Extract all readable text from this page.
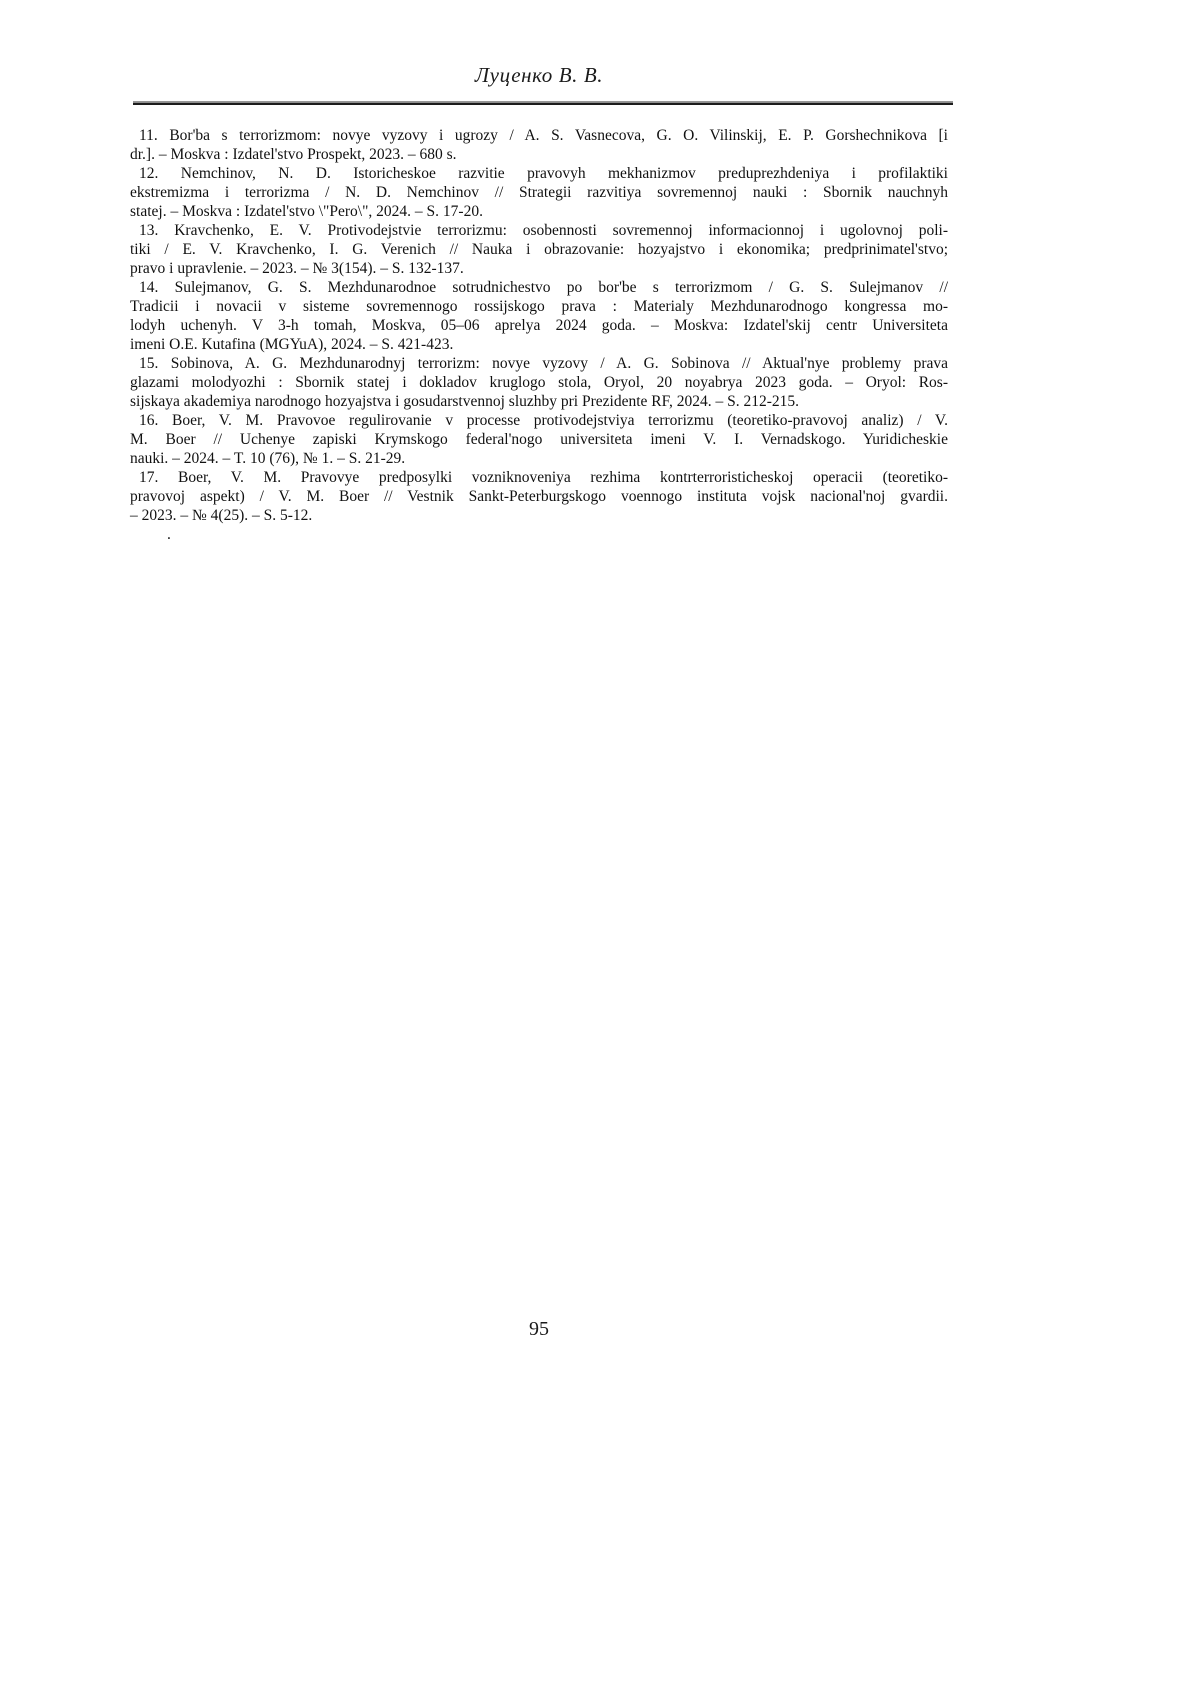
Луценко В. В.
11. Bor'ba s terrorizmom: novye vyzovy i ugrozy / A. S. Vasnecova, G. O. Vilinskij, E. P. Gorshechnikova [i
dr.]. – Moskva : Izdatel'stvo Prospekt, 2023. – 680 s.
12. Nemchinov, N. D. Istoricheskoe razvitie pravovyh mekhanizmov preduprezhdeniya i profilaktiki
ekstremizma i terrorizma / N. D. Nemchinov // Strategii razvitiya sovremennoj nauki : Sbornik nauchnyh
statej. – Moskva : Izdatel'stvo \"Pero\", 2024. – S. 17-20.
13. Kravchenko, E. V. Protivodejstvie terrorizmu: osobennosti sovremennoj informacionnoj i ugolovnoj poli-
tiki / E. V. Kravchenko, I. G. Verenich // Nauka i obrazovanie: hozyajstvo i ekonomika; predprinimatel'stvo;
pravo i upravlenie. – 2023. – № 3(154). – S. 132-137.
14. Sulejmanov, G. S. Mezhdunarodnoe sotrudnichestvo po bor'be s terrorizmom / G. S. Sulejmanov //
Tradicii i novacii v sisteme sovremennogo rossijskogo prava : Materialy Mezhdunarodnogo kongressa mo-
lodyh uchenyh. V 3-h tomah, Moskva, 05–06 aprelya 2024 goda. – Moskva: Izdatel'skij centr Universiteta
imeni O.E. Kutafina (MGYuA), 2024. – S. 421-423.
15. Sobinova, A. G. Mezhdunarodnyj terrorizm: novye vyzovy / A. G. Sobinova // Aktual'nye problemy prava
glazami molodyozhi : Sbornik statej i dokladov kruglogo stola, Oryol, 20 noyabrya 2023 goda. – Oryol: Ros-
sijskaya akademiya narodnogo hozyajstva i gosudarstvennoj sluzhby pri Prezidente RF, 2024. – S. 212-215.
16. Boer, V. M. Pravovoe regulirovanie v processe protivodejstviya terrorizmu (teoretiko-pravovoj analiz) / V.
M. Boer // Uchenye zapiski Krymskogo federal'nogo universiteta imeni V. I. Vernadskogo. Yuridicheskie
nauki. – 2024. – T. 10 (76), № 1. – S. 21-29.
17. Boer, V. M. Pravovye predposylki vozniknoveniya rezhima kontrterroristicheskoj operacii (teoretiko-
pravovoj aspekt) / V. M. Boer // Vestnik Sankt-Peterburgskogo voennogo instituta vojsk nacional'noj gvardii.
– 2023. – № 4(25). – S. 5-12.
.
95
